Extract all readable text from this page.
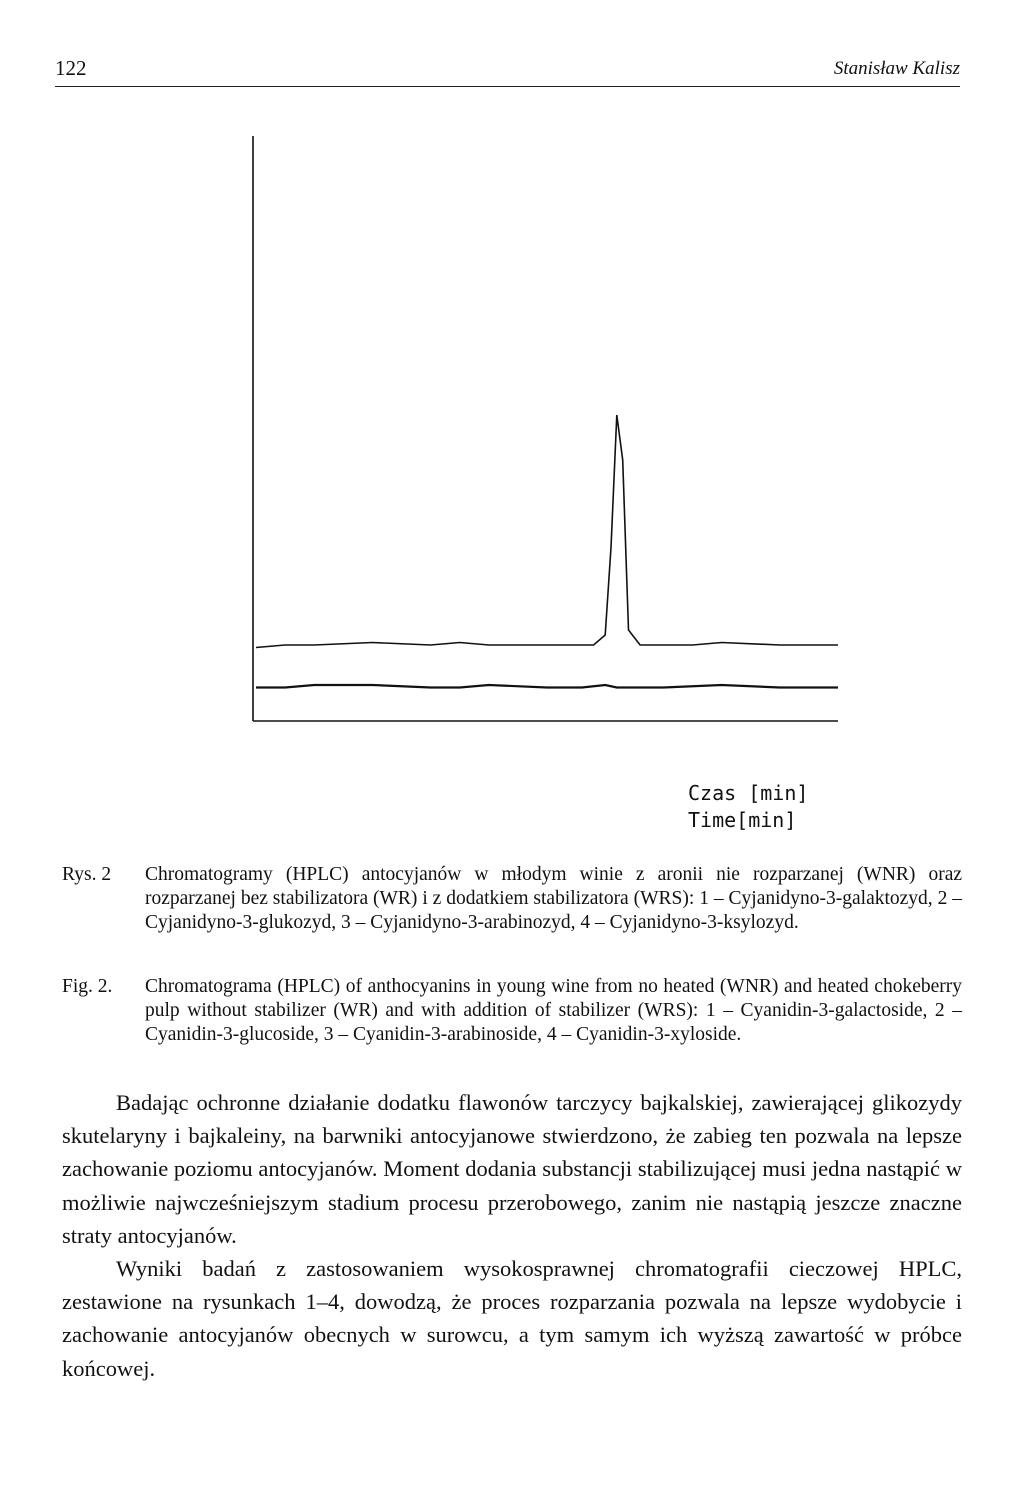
122	Stanisław Kalisz
Czas [min]
Time[min]
Rys. 2	Chromatogramy (HPLC) antocyjanów w młodym winie z aronii nie rozparzanej (WNR) oraz rozparzanej bez stabilizatora (WR) i z dodatkiem stabilizatora (WRS): 1 – Cyjanidyno-3-galaktozyd, 2 – Cyjanidyno-3-glukozyd, 3 – Cyjanidyno-3-arabinozyd, 4 – Cyjanidyno-3-ksylozyd.
Fig. 2.	Chromatograma (HPLC) of anthocyanins in young wine from no heated (WNR) and heated chokeberry pulp without stabilizer (WR) and with addition of stabilizer (WRS): 1 – Cyanidin-3-galactoside, 2 – Cyanidin-3-glucoside, 3 – Cyanidin-3-arabinoside, 4 – Cyanidin-3-xyloside.

Badając ochronne działanie dodatku flawonów tarczycy bajkalskiej, zawierającej glikozydy skutelaryny i bajkaleiny, na barwniki antocyjanowe stwierdzono, że zabieg ten pozwala na lepsze zachowanie poziomu antocyjanów. Moment dodania substancji stabilizującej musi jedna nastąpić w możliwie najwcześniejszym stadium procesu przerobowego, zanim nie nastąpią jeszcze znaczne straty antocyjanów.

Wyniki badań z zastosowaniem wysokosprawnej chromatografii cieczowej HPLC, zestawione na rysunkach 1–4, dowodzą, że proces rozparzania pozwala na lepsze wydobycie i zachowanie antocyjanów obecnych w surowcu, a tym samym ich wyższą zawartość w próbce końcowej.
